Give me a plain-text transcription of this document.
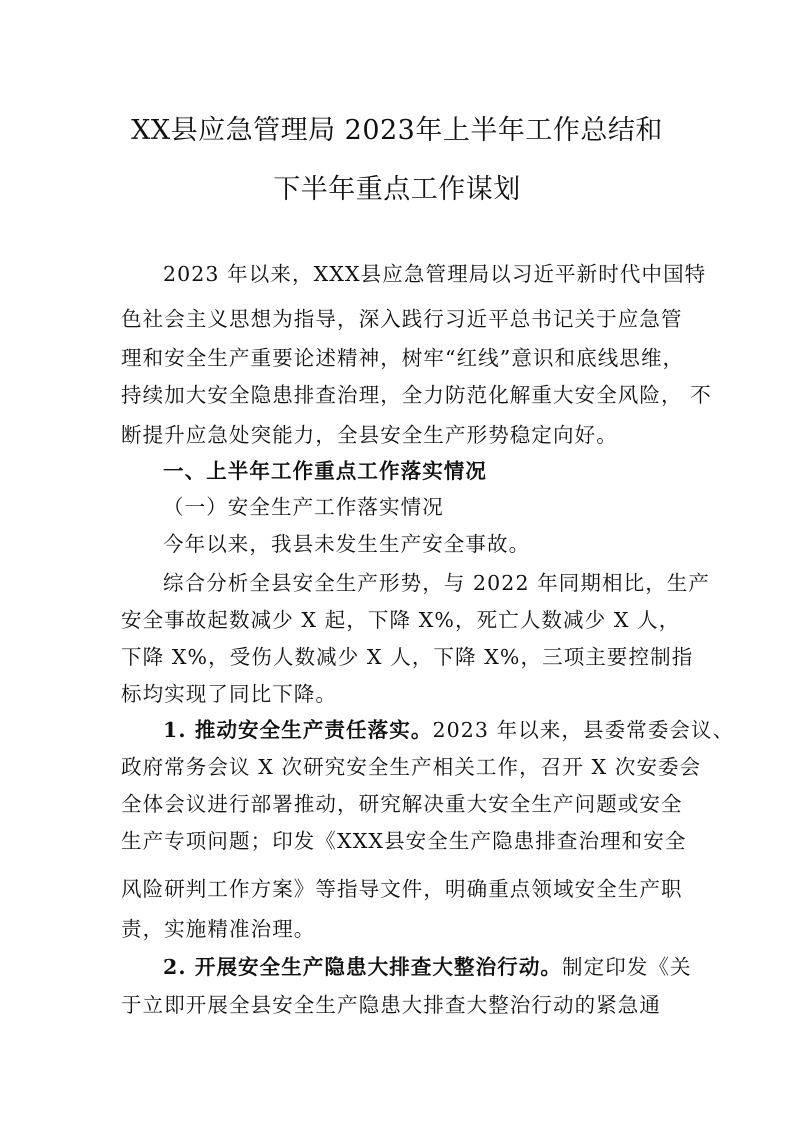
XX县应急管理局 2023年上半年工作总结和
下半年重点工作谋划
2023 年以来，XXX县应急管理局以习近平新时代中国特
色社会主义思想为指导，深入践行习近平总书记关于应急管
理和安全生产重要论述精神，树牢“红线”意识和底线思维，
持续加大安全隐患排查治理，全力防范化解重大安全风险， 不
断提升应急处突能力，全县安全生产形势稳定向好。
一、上半年工作重点工作落实情况
（一）安全生产工作落实情况
今年以来，我县未发生生产安全事故。
综合分析全县安全生产形势，与 2022 年同期相比，生产
安全事故起数减少 X 起，下降 X%，死亡人数减少 X 人，
下降 X%，受伤人数减少 X 人，下降 X%，三项主要控制指
标均实现了同比下降。
1. 推动安全生产责任落实。2023 年以来，县委常委会议、
政府常务会议 X 次研究安全生产相关工作，召开 X 次安委会
全体会议进行部署推动，研究解决重大安全生产问题或安全
生产专项问题；印发《XXX县安全生产隐患排查治理和安全
风险研判工作方案》等指导文件，明确重点领域安全生产职
责，实施精准治理。
2. 开展安全生产隐患大排查大整治行动。制定印发《关
于立即开展全县安全生产隐患大排查大整治行动的紧急通
